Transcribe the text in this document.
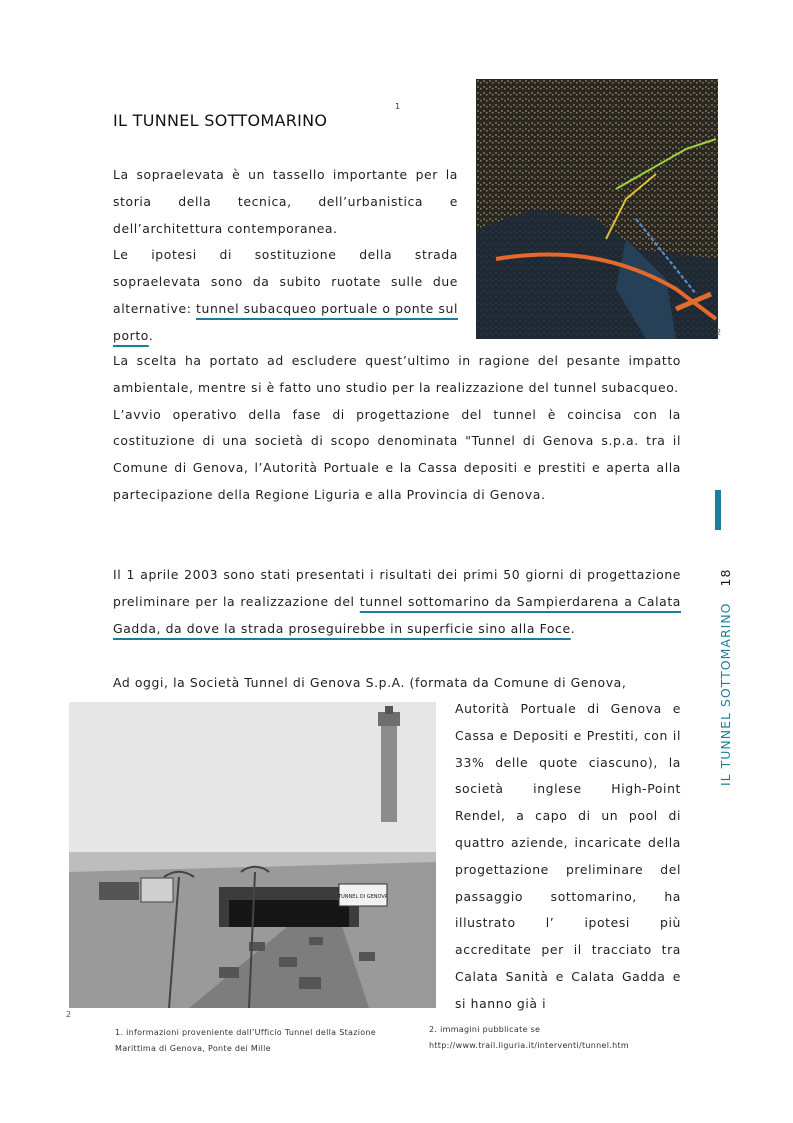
IL TUNNEL SOTTOMARINO
1
2

La sopraelevata è un tassello importante per la storia della tecnica, dell’urbanistica e dell’architettura contemporanea.
Le ipotesi di sostituzione della strada sopraelevata sono da subito ruotate sulle due alternative: tunnel subacqueo portuale o ponte sul porto.

La scelta ha portato ad escludere quest’ultimo in ragione del pesante impatto ambientale, mentre si è fatto uno studio per la realizzazione del tunnel subacqueo.
L’avvio operativo della fase di progettazione del tunnel è coincisa con la costituzione di una società di scopo denominata "Tunnel di Genova s.p.a. tra il Comune di Genova, l’Autorità Portuale e la Cassa depositi e prestiti e aperta alla partecipazione della Regione Liguria e alla Provincia di Genova.

Il 1 aprile 2003 sono stati presentati i risultati dei primi 50 giorni di progettazione preliminare per la realizzazione del tunnel sottomarino da Sampierdarena a Calata Gadda, da dove la strada proseguirebbe in superficie sino alla Foce.

Ad oggi, la Società Tunnel di Genova S.p.A. (formata da Comune di Genova,

Autorità Portuale di Genova e Cassa e Depositi e Prestiti, con il 33% delle quote ciascuno), la società inglese High-Point Rendel, a capo di un pool di quattro aziende, incaricate della progettazione preliminare del passaggio sottomarino, ha illustrato l’ ipotesi più accreditate per il tracciato tra Calata Sanità e Calata Gadda e si hanno già i

TUNNEL DI GENOVA
2
IL TUNNEL SOTTOMARINO18
1. informazioni proveniente dall’Ufficio Tunnel della Stazione Marittima di Genova, Ponte dei Mille
2. immagini pubblicate se
http://www.trail.liguria.it/interventi/tunnel.htm
